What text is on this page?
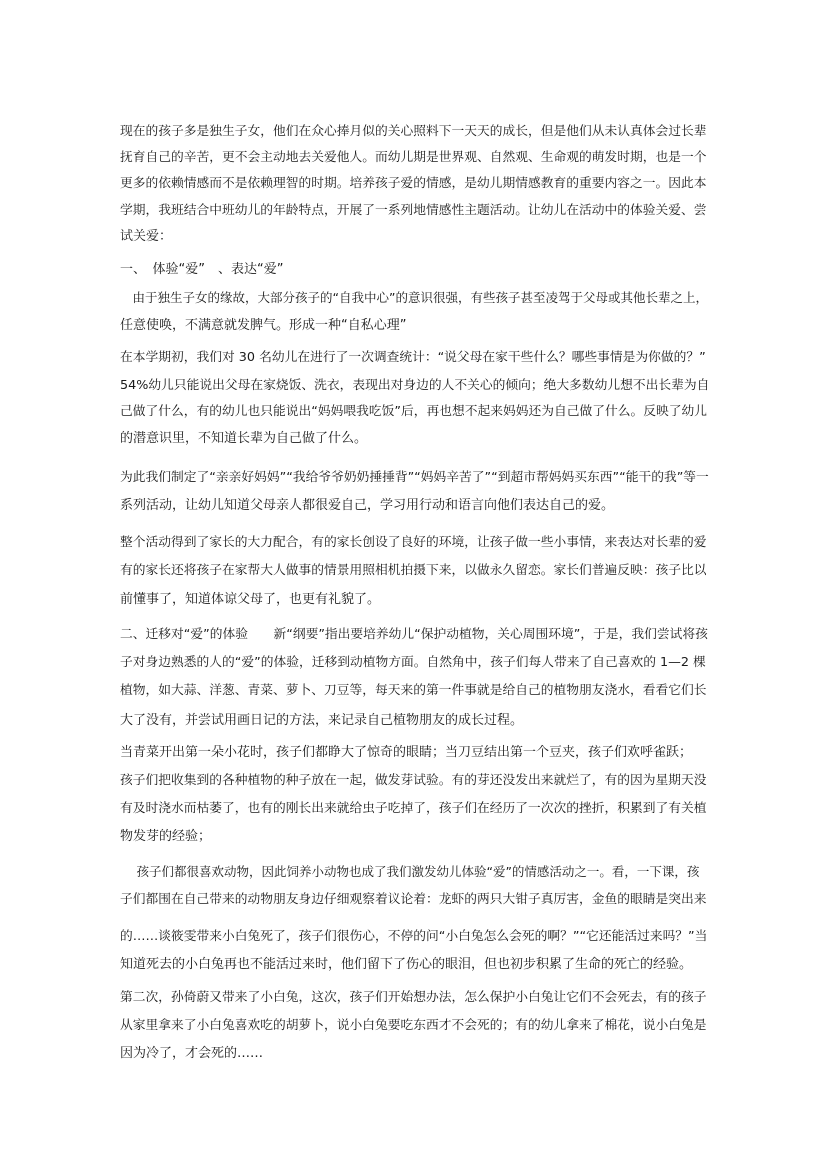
现在的孩子多是独生子女，他们在众心捧月似的关心照料下一天天的成长，但是他们从未认真体会过长辈
抚育自己的辛苦，更不会主动地去关爱他人。而幼儿期是世界观、自然观、生命观的萌发时期，也是一个
更多的依赖情感而不是依赖理智的时期。培养孩子爱的情感，是幼儿期情感教育的重要内容之一。因此本
学期，我班结合中班幼儿的年龄特点，开展了一系列地情感性主题活动。让幼儿在活动中的体验关爱、尝
试关爱：
一、　体验“爱”　、表达“爱”
　由于独生子女的缘故，大部分孩子的“自我中心”的意识很强，有些孩子甚至凌驾于父母或其他长辈之上，
任意使唤，不满意就发脾气。形成一种“自私心理”
在本学期初，我们对 30 名幼儿在进行了一次调查统计：“说父母在家干些什么？哪些事情是为你做的？”
54%幼儿只能说出父母在家烧饭、洗衣，表现出对身边的人不关心的倾向；绝大多数幼儿想不出长辈为自
己做了什么，有的幼儿也只能说出“妈妈喂我吃饭”后，再也想不起来妈妈还为自己做了什么。反映了幼儿
的潜意识里，不知道长辈为自己做了什么。
为此我们制定了“亲亲好妈妈”“我给爷爷奶奶捶捶背”“妈妈辛苦了”“到超市帮妈妈买东西”“能干的我”等一
系列活动，让幼儿知道父母亲人都很爱自己，学习用行动和语言向他们表达自己的爱。
整个活动得到了家长的大力配合，有的家长创设了良好的环境，让孩子做一些小事情，来表达对长辈的爱
有的家长还将孩子在家帮大人做事的情景用照相机拍摄下来，以做永久留恋。家长们普遍反映：孩子比以
前懂事了，知道体谅父母了，也更有礼貌了。
二、迁移对“爱”的体验　　新“纲要”指出要培养幼儿“保护动植物，关心周围环境”，于是，我们尝试将孩
子对身边熟悉的人的“爱”的体验，迁移到动植物方面。自然角中，孩子们每人带来了自己喜欢的 1—2 棵
植物，如大蒜、洋葱、青菜、萝卜、刀豆等，每天来的第一件事就是给自己的植物朋友浇水，看看它们长
大了没有，并尝试用画日记的方法，来记录自己植物朋友的成长过程。
当青菜开出第一朵小花时，孩子们都睁大了惊奇的眼睛；当刀豆结出第一个豆夹，孩子们欢呼雀跃；
孩子们把收集到的各种植物的种子放在一起，做发芽试验。有的芽还没发出来就烂了，有的因为星期天没
有及时浇水而枯萎了，也有的刚长出来就给虫子吃掉了，孩子们在经历了一次次的挫折，积累到了有关植
物发芽的经验；
　 孩子们都很喜欢动物，因此饲养小动物也成了我们激发幼儿体验“爱”的情感活动之一。看，一下课，孩
子们都围在自己带来的动物朋友身边仔细观察着议论着：龙虾的两只大钳子真厉害，金鱼的眼睛是突出来
的……谈筱雯带来小白兔死了，孩子们很伤心，不停的问“小白兔怎么会死的啊？”“它还能活过来吗？”当
知道死去的小白兔再也不能活过来时，他们留下了伤心的眼泪，但也初步积累了生命的死亡的经验。
第二次，孙倚蔚又带来了小白兔，这次，孩子们开始想办法，怎么保护小白兔让它们不会死去，有的孩子
从家里拿来了小白兔喜欢吃的胡萝卜，说小白兔要吃东西才不会死的；有的幼儿拿来了棉花，说小白兔是
因为冷了，才会死的……
